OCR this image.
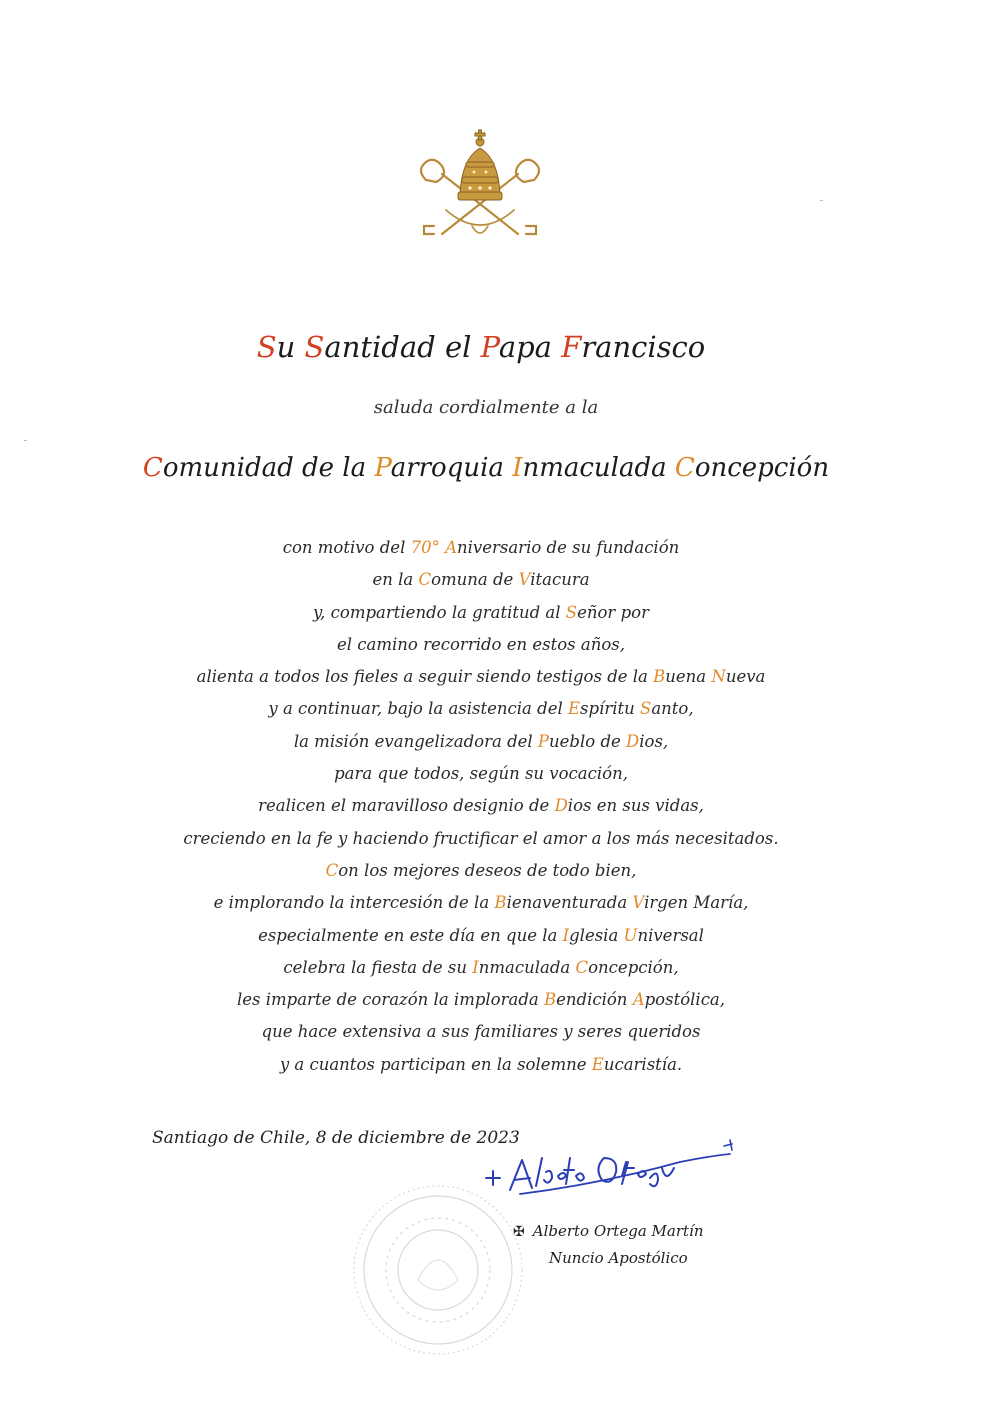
Su Santidad el Papa Francisco
saluda cordialmente a la
Comunidad de la Parroquia Inmaculada Concepción
con motivo del 70° Aniversario de su fundación
en la Comuna de Vitacura
y, compartiendo la gratitud al Señor por
el camino recorrido en estos años,
alienta a todos los fieles a seguir siendo testigos de la Buena Nueva
y a continuar, bajo la asistencia del Espíritu Santo,
la misión evangelizadora del Pueblo de Dios,
para que todos, según su vocación,
realicen el maravilloso designio de Dios en sus vidas,
creciendo en la fe y haciendo fructificar el amor a los más necesitados.
Con los mejores deseos de todo bien,
e implorando la intercesión de la Bienaventurada Virgen María,
especialmente en este día en que la Iglesia Universal
celebra la fiesta de su Inmaculada Concepción,
les imparte de corazón la implorada Bendición Apostólica,
que hace extensiva a sus familiares y seres queridos
y a cuantos participan en la solemne Eucaristía.
Santiago de Chile, 8 de diciembre de 2023
✠ Alberto Ortega Martín
Nuncio Apostólico
